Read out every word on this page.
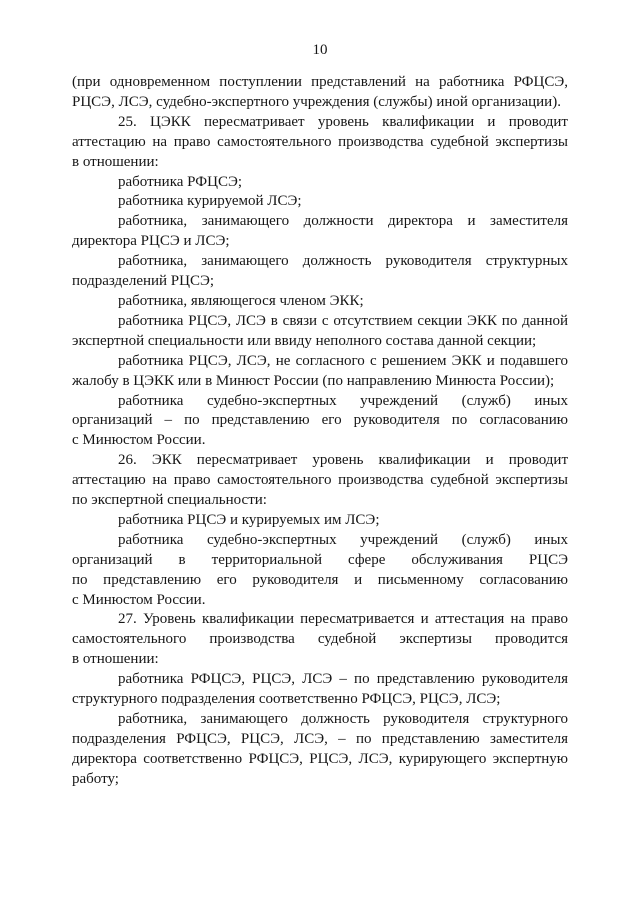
10

(при одновременном поступлении представлений на работника РФЦСЭ, РЦСЭ, ЛСЭ, судебно-экспертного учреждения (службы) иной организации).

25. ЦЭКК пересматривает уровень квалификации и проводит аттестацию на право самостоятельного производства судебной экспертизы в отношении:

работника РФЦСЭ;

работника курируемой ЛСЭ;

работника, занимающего должности директора и заместителя директора РЦСЭ и ЛСЭ;

работника, занимающего должность руководителя структурных подразделений РЦСЭ;

работника, являющегося членом ЭКК;

работника РЦСЭ, ЛСЭ в связи с отсутствием секции ЭКК по данной экспертной специальности или ввиду неполного состава данной секции;

работника РЦСЭ, ЛСЭ, не согласного с решением ЭКК и подавшего жалобу в ЦЭКК или в Минюст России (по направлению Минюста России);

работника судебно-экспертных учреждений (служб) иных организаций – по представлению его руководителя по согласованию с Минюстом России.

26. ЭКК пересматривает уровень квалификации и проводит аттестацию на право самостоятельного производства судебной экспертизы по экспертной специальности:

работника РЦСЭ и курируемых им ЛСЭ;

работника судебно-экспертных учреждений (служб) иных организаций в территориальной сфере обслуживания РЦСЭ по представлению его руководителя и письменному согласованию с Минюстом России.

27. Уровень квалификации пересматривается и аттестация на право самостоятельного производства судебной экспертизы проводится в отношении:

работника РФЦСЭ, РЦСЭ, ЛСЭ – по представлению руководителя структурного подразделения соответственно РФЦСЭ, РЦСЭ, ЛСЭ;

работника, занимающего должность руководителя структурного подразделения РФЦСЭ, РЦСЭ, ЛСЭ, – по представлению заместителя директора соответственно РФЦСЭ, РЦСЭ, ЛСЭ, курирующего экспертную работу;
